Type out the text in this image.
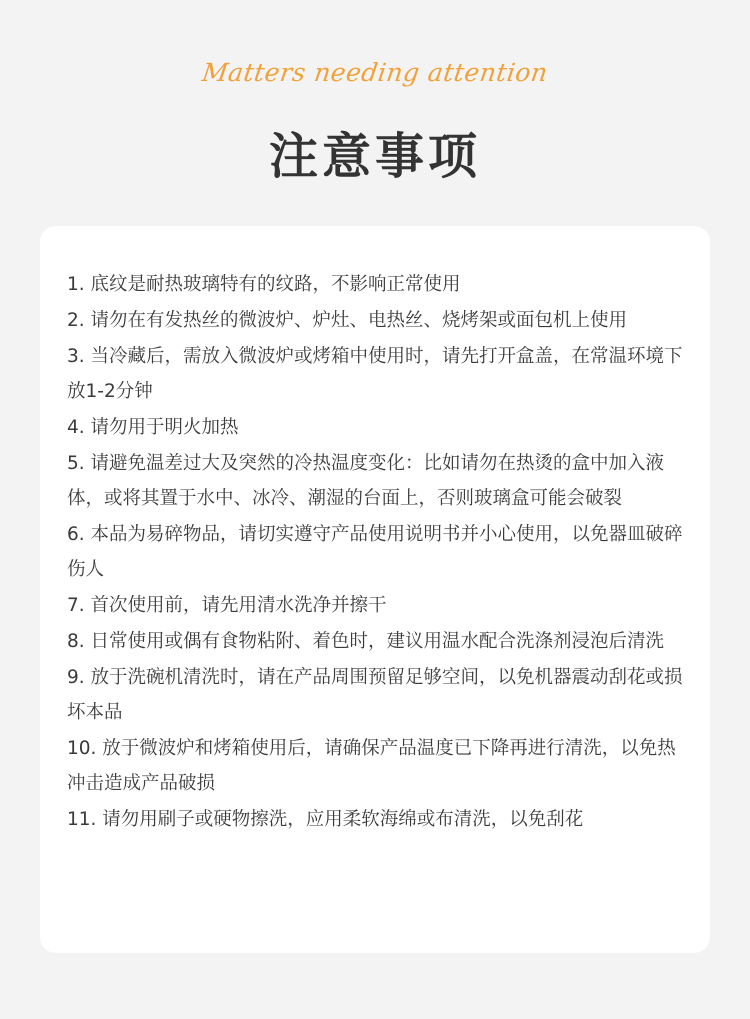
Matters needing attention
注意事项
1. 底纹是耐热玻璃特有的纹路，不影响正常使用
2. 请勿在有发热丝的微波炉、炉灶、电热丝、烧烤架或面包机上使用
3. 当冷藏后，需放入微波炉或烤箱中使用时，请先打开盒盖，在常温环境下放1-2分钟
4. 请勿用于明火加热
5. 请避免温差过大及突然的冷热温度变化：比如请勿在热烫的盒中加入液体，或将其置于水中、冰冷、潮湿的台面上，否则玻璃盒可能会破裂
6. 本品为易碎物品，请切实遵守产品使用说明书并小心使用，以免器皿破碎伤人
7. 首次使用前，请先用清水洗净并擦干
8. 日常使用或偶有食物粘附、着色时，建议用温水配合洗涤剂浸泡后清洗
9. 放于洗碗机清洗时，请在产品周围预留足够空间，以免机器震动刮花或损坏本品
10. 放于微波炉和烤箱使用后，请确保产品温度已下降再进行清洗，以免热冲击造成产品破损
11. 请勿用刷子或硬物擦洗，应用柔软海绵或布清洗，以免刮花
